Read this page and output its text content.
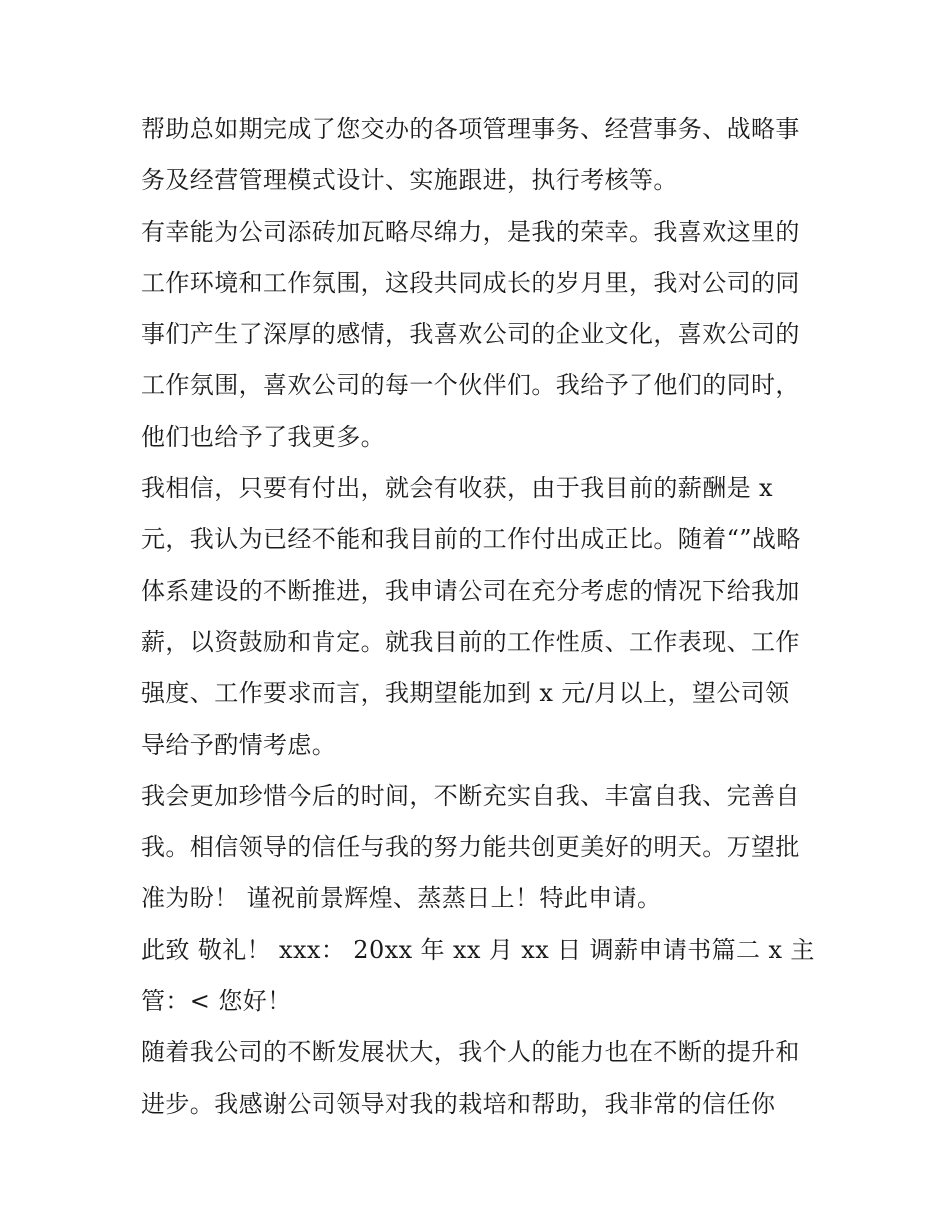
帮助总如期完成了您交办的各项管理事务、经营事务、战略事
务及经营管理模式设计、实施跟进，执行考核等。
有幸能为公司添砖加瓦略尽绵力，是我的荣幸。我喜欢这里的
工作环境和工作氛围，这段共同成长的岁月里，我对公司的同
事们产生了深厚的感情，我喜欢公司的企业文化，喜欢公司的
工作氛围，喜欢公司的每一个伙伴们。我给予了他们的同时，
他们也给予了我更多。
我相信，只要有付出，就会有收获，由于我目前的薪酬是 x
元，我认为已经不能和我目前的工作付出成正比。随着“”战略
体系建设的不断推进，我申请公司在充分考虑的情况下给我加
薪，以资鼓励和肯定。就我目前的工作性质、工作表现、工作
强度、工作要求而言，我期望能加到 x 元/月以上，望公司领
导给予酌情考虑。
我会更加珍惜今后的时间，不断充实自我、丰富自我、完善自
我。相信领导的信任与我的努力能共创更美好的明天。万望批
准为盼！ 谨祝前景辉煌、蒸蒸日上！特此申请。
此致 敬礼！ xxx： 20xx 年 xx 月 xx 日 调薪申请书篇二 x 主
管：< 您好！
随着我公司的不断发展状大，我个人的能力也在不断的提升和
进步。我感谢公司领导对我的栽培和帮助，我非常的信任你
